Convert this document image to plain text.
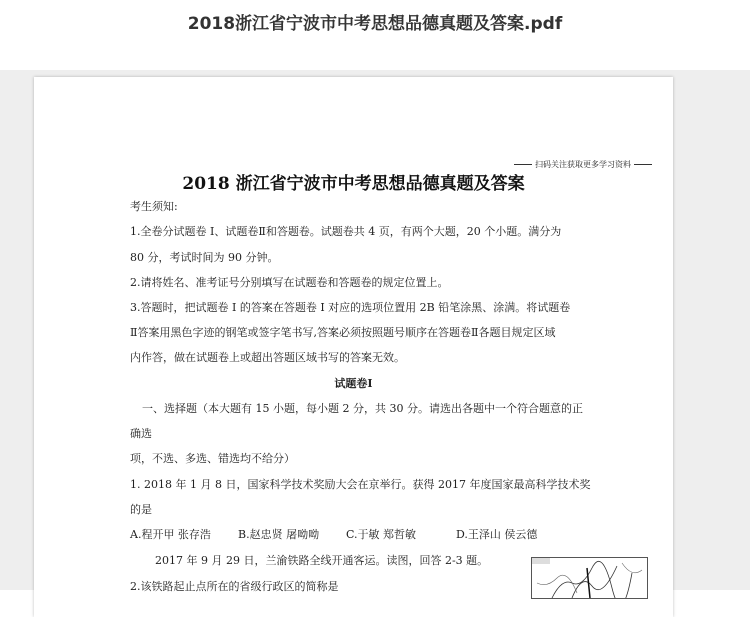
2018浙江省宁波市中考思想品德真题及答案.pdf
扫码关注获取更多学习资料
2018 浙江省宁波市中考思想品德真题及答案
考生须知:
1.全卷分试题卷 I、试题卷Ⅱ和答题卷。试题卷共 4 页，有两个大题，20 个小题。满分为
80 分，考试时间为 90 分钟。
2.请将姓名、准考证号分别填写在试题卷和答题卷的规定位置上。
3.答题时，把试题卷 I 的答案在答题卷 I 对应的选项位置用 2B 铅笔涂黑、涂满。将试题卷
Ⅱ答案用黑色字迹的钢笔或签字笔书写,答案必须按照题号顺序在答题卷Ⅱ各题目规定区域
内作答，做在试题卷上或超出答题区域书写的答案无效。
试题卷Ⅰ
一、选择题（本大题有 15 小题，每小题 2 分，共 30 分。请选出各题中一个符合题意的正
确选
项，不选、多选、错选均不给分）
1. 2018 年 1 月 8 日，国家科学技术奖励大会在京举行。获得 2017 年度国家最高科学技术奖
的是
A.程开甲 张存浩 B.赵忠贤 屠呦呦 C.于敏 郑哲敏	D.王泽山 侯云德
2017 年 9 月 29 日，兰渝铁路全线开通客运。读图，回答 2-3 题。
2.该铁路起止点所在的省级行政区的简称是
